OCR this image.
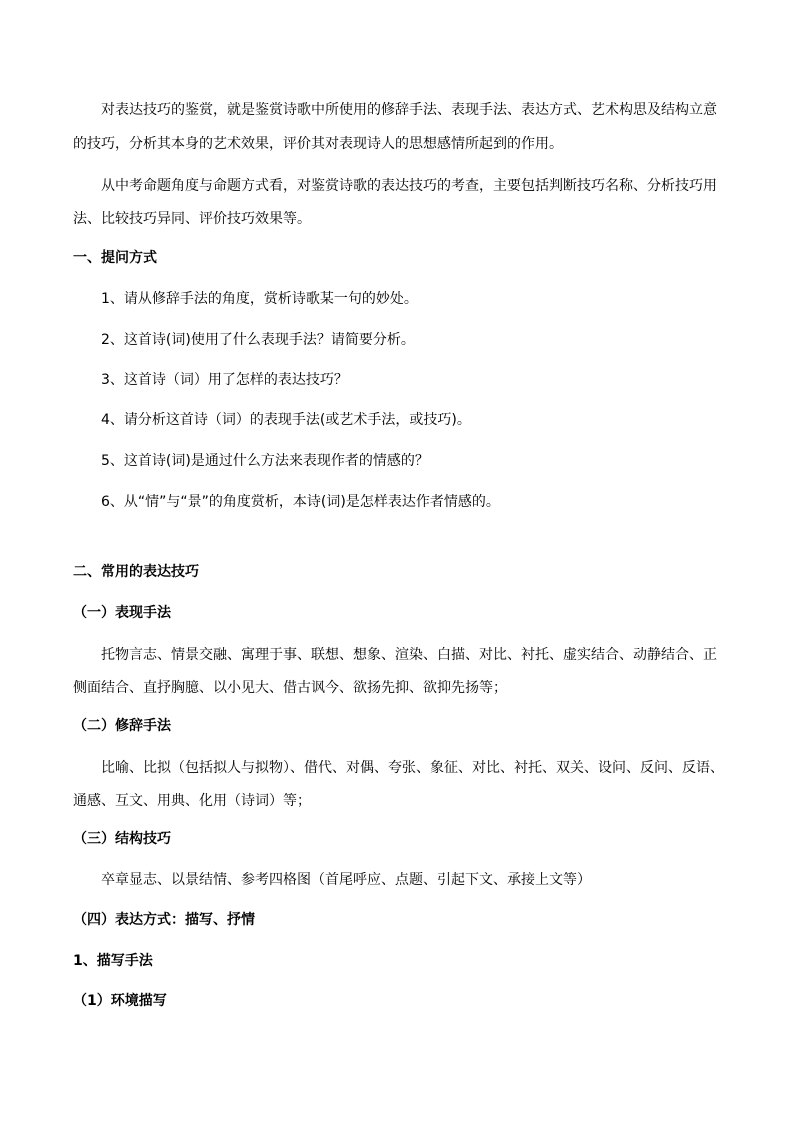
对表达技巧的鉴赏，就是鉴赏诗歌中所使用的修辞手法、表现手法、表达方式、艺术构思及结构立意
的技巧，分析其本身的艺术效果，评价其对表现诗人的思想感情所起到的作用。
从中考命题角度与命题方式看，对鉴赏诗歌的表达技巧的考查，主要包括判断技巧名称、分析技巧用
法、比较技巧异同、评价技巧效果等。
一、提问方式
1、请从修辞手法的角度，赏析诗歌某一句的妙处。
2、这首诗(词)使用了什么表现手法？请简要分析。
3、这首诗（词）用了怎样的表达技巧？
4、请分析这首诗（词）的表现手法(或艺术手法，或技巧)。
5、这首诗(词)是通过什么方法来表现作者的情感的？
6、从“情”与“景”的角度赏析，本诗(词)是怎样表达作者情感的。
二、常用的表达技巧
（一）表现手法
托物言志、情景交融、寓理于事、联想、想象、渲染、白描、对比、衬托、虚实结合、动静结合、正
侧面结合、直抒胸臆、以小见大、借古讽今、欲扬先抑、欲抑先扬等；
（二）修辞手法
比喻、比拟（包括拟人与拟物）、借代、对偶、夸张、象征、对比、衬托、双关、设问、反问、反语、
通感、互文、用典、化用（诗词）等；
（三）结构技巧
卒章显志、以景结情、参考四格图（首尾呼应、点题、引起下文、承接上文等）
（四）表达方式：描写、抒情
1、描写手法
（1）环境描写
